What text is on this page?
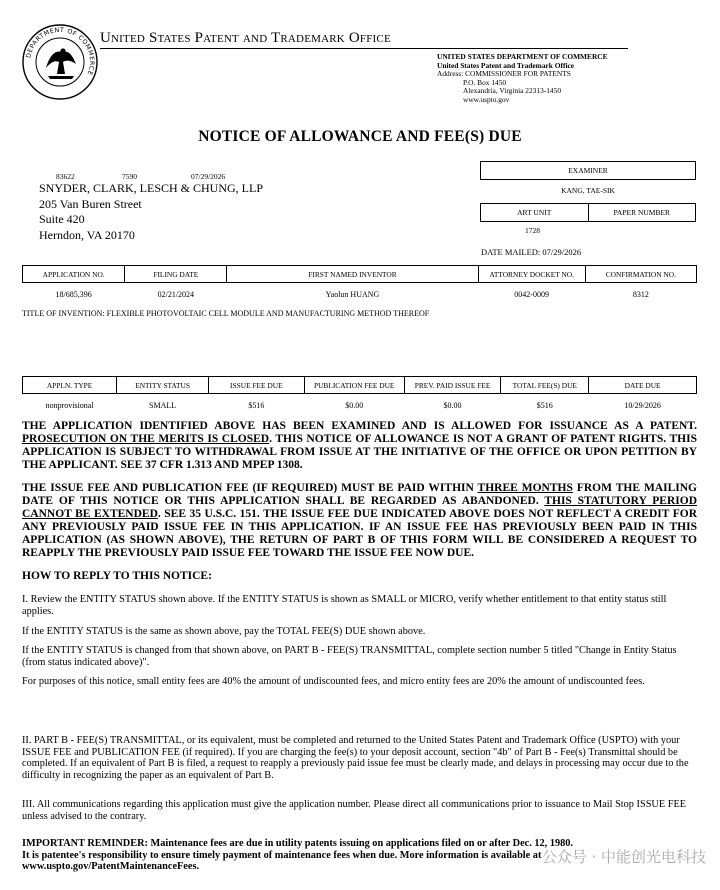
DEPARTMENT OF COMMERCE
United States Patent and Trademark Office
UNITED STATES DEPARTMENT OF COMMERCE
United States Patent and Trademark Office
Address: COMMISSIONER FOR PATENTS
P.O. Box 1450
Alexandria, Virginia 22313-1450
www.uspto.gov
NOTICE OF ALLOWANCE AND FEE(S) DUE
83622	7590	07/29/2026
SNYDER, CLARK, LESCH & CHUNG, LLP
205 Van Buren Street
Suite 420
Herndon, VA 20170
EXAMINER
KANG, TAE-SIK
ART UNIT	PAPER NUMBER
1728
DATE MAILED: 07/29/2026
APPLICATION NO.	FILING DATE	FIRST NAMED INVENTOR	ATTORNEY DOCKET NO.	CONFIRMATION NO.
18/685,396	02/21/2024	Yaolun HUANG	0042-0009	8312
TITLE OF INVENTION: FLEXIBLE PHOTOVOLTAIC CELL MODULE AND MANUFACTURING METHOD THEREOF
APPLN. TYPE	ENTITY STATUS	ISSUE FEE DUE	PUBLICATION FEE DUE	PREV. PAID ISSUE FEE	TOTAL FEE(S) DUE	DATE DUE
nonprovisional	SMALL	$516	$0.00	$0.00	$516	10/29/2026
THE APPLICATION IDENTIFIED ABOVE HAS BEEN EXAMINED AND IS ALLOWED FOR ISSUANCE AS A PATENT. PROSECUTION ON THE MERITS IS CLOSED. THIS NOTICE OF ALLOWANCE IS NOT A GRANT OF PATENT RIGHTS. THIS APPLICATION IS SUBJECT TO WITHDRAWAL FROM ISSUE AT THE INITIATIVE OF THE OFFICE OR UPON PETITION BY THE APPLICANT. SEE 37 CFR 1.313 AND MPEP 1308.
THE ISSUE FEE AND PUBLICATION FEE (IF REQUIRED) MUST BE PAID WITHIN THREE MONTHS FROM THE MAILING DATE OF THIS NOTICE OR THIS APPLICATION SHALL BE REGARDED AS ABANDONED. THIS STATUTORY PERIOD CANNOT BE EXTENDED. SEE 35 U.S.C. 151. THE ISSUE FEE DUE INDICATED ABOVE DOES NOT REFLECT A CREDIT FOR ANY PREVIOUSLY PAID ISSUE FEE IN THIS APPLICATION. IF AN ISSUE FEE HAS PREVIOUSLY BEEN PAID IN THIS APPLICATION (AS SHOWN ABOVE), THE RETURN OF PART B OF THIS FORM WILL BE CONSIDERED A REQUEST TO REAPPLY THE PREVIOUSLY PAID ISSUE FEE TOWARD THE ISSUE FEE NOW DUE.
HOW TO REPLY TO THIS NOTICE:
I. Review the ENTITY STATUS shown above. If the ENTITY STATUS is shown as SMALL or MICRO, verify whether entitlement to that entity status still applies.
If the ENTITY STATUS is the same as shown above, pay the TOTAL FEE(S) DUE shown above.
If the ENTITY STATUS is changed from that shown above, on PART B - FEE(S) TRANSMITTAL, complete section number 5 titled "Change in Entity Status (from status indicated above)".
For purposes of this notice, small entity fees are 40% the amount of undiscounted fees, and micro entity fees are 20% the amount of undiscounted fees.
II. PART B - FEE(S) TRANSMITTAL, or its equivalent, must be completed and returned to the United States Patent and Trademark Office (USPTO) with your ISSUE FEE and PUBLICATION FEE (if required). If you are charging the fee(s) to your deposit account, section "4b" of Part B - Fee(s) Transmittal should be completed. If an equivalent of Part B is filed, a request to reapply a previously paid issue fee must be clearly made, and delays in processing may occur due to the difficulty in recognizing the paper as an equivalent of Part B.
III. All communications regarding this application must give the application number. Please direct all communications prior to issuance to Mail Stop ISSUE FEE unless advised to the contrary.
IMPORTANT REMINDER: Maintenance fees are due in utility patents issuing on applications filed on or after Dec. 12, 1980.
It is patentee's responsibility to ensure timely payment of maintenance fees when due. More information is available at
www.uspto.gov/PatentMaintenanceFees.
公众号 · 中能创光电科技
